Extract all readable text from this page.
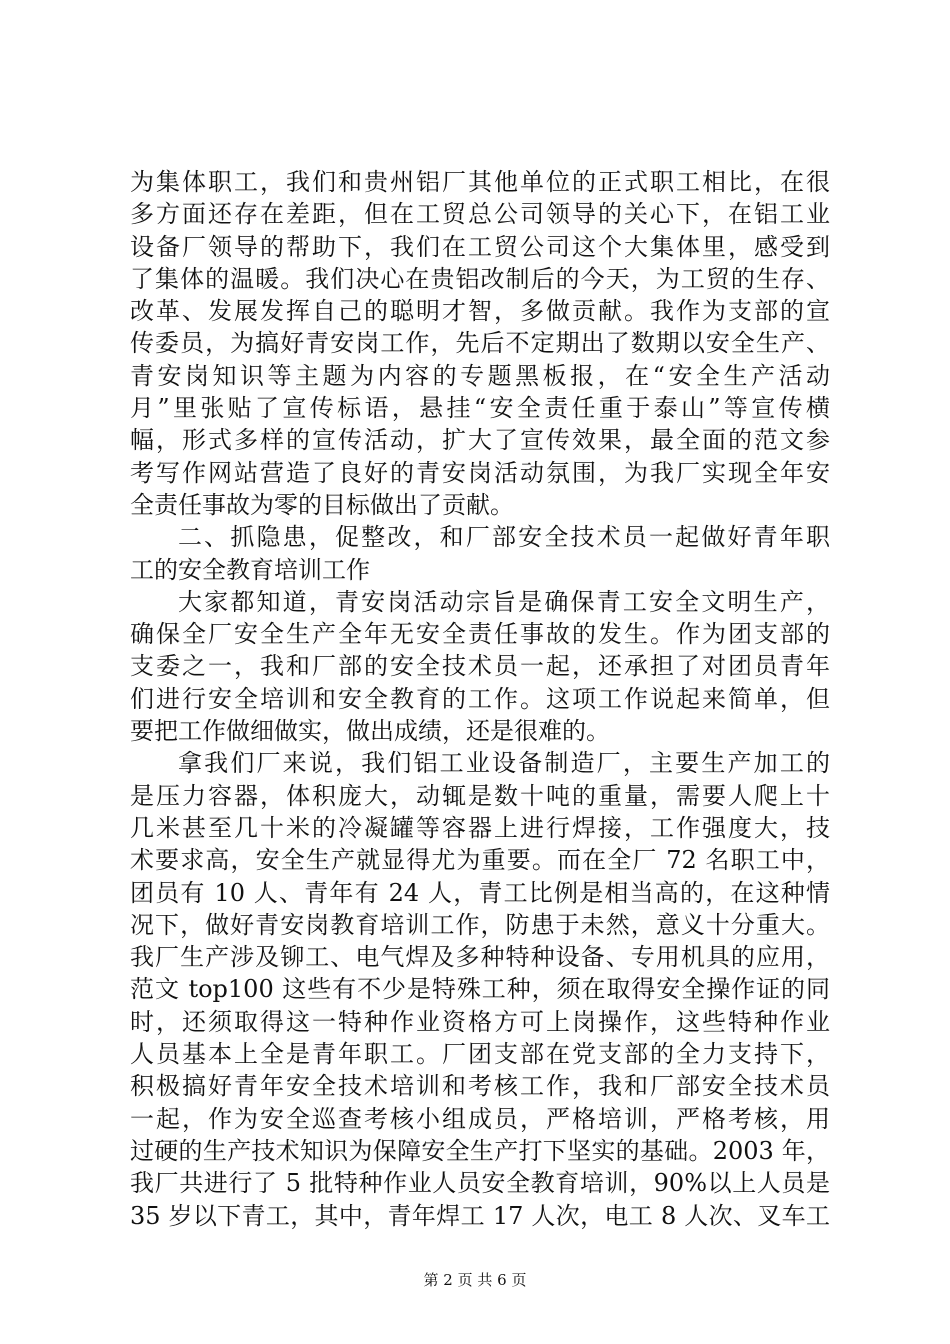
为集体职工，我们和贵州铝厂其他单位的正式职工相比，在很
多方面还存在差距，但在工贸总公司领导的关心下，在铝工业
设备厂领导的帮助下，我们在工贸公司这个大集体里，感受到
了集体的温暖。我们决心在贵铝改制后的今天，为工贸的生存、
改革、发展发挥自己的聪明才智，多做贡献。我作为支部的宣
传委员，为搞好青安岗工作，先后不定期出了数期以安全生产、
青安岗知识等主题为内容的专题黑板报，在“安全生产活动
月”里张贴了宣传标语，悬挂“安全责任重于泰山”等宣传横
幅，形式多样的宣传活动，扩大了宣传效果，最全面的范文参
考写作网站营造了良好的青安岗活动氛围，为我厂实现全年安
全责任事故为零的目标做出了贡献。
二、抓隐患，促整改，和厂部安全技术员一起做好青年职
工的安全教育培训工作
大家都知道，青安岗活动宗旨是确保青工安全文明生产，
确保全厂安全生产全年无安全责任事故的发生。作为团支部的
支委之一，我和厂部的安全技术员一起，还承担了对团员青年
们进行安全培训和安全教育的工作。这项工作说起来简单，但
要把工作做细做实，做出成绩，还是很难的。
拿我们厂来说，我们铝工业设备制造厂，主要生产加工的
是压力容器，体积庞大，动辄是数十吨的重量，需要人爬上十
几米甚至几十米的冷凝罐等容器上进行焊接，工作强度大，技
术要求高，安全生产就显得尤为重要。而在全厂 72 名职工中，
团员有 10 人、青年有 24 人，青工比例是相当高的，在这种情
况下，做好青安岗教育培训工作，防患于未然，意义十分重大。
我厂生产涉及铆工、电气焊及多种特种设备、专用机具的应用，
范文 top100 这些有不少是特殊工种，须在取得安全操作证的同
时，还须取得这一特种作业资格方可上岗操作，这些特种作业
人员基本上全是青年职工。厂团支部在党支部的全力支持下，
积极搞好青年安全技术培训和考核工作，我和厂部安全技术员
一起，作为安全巡查考核小组成员，严格培训，严格考核，用
过硬的生产技术知识为保障安全生产打下坚实的基础。2003 年，
我厂共进行了 5 批特种作业人员安全教育培训，90%以上人员是
35 岁以下青工，其中，青年焊工 17 人次，电工 8 人次、叉车工
第 2 页 共 6 页
